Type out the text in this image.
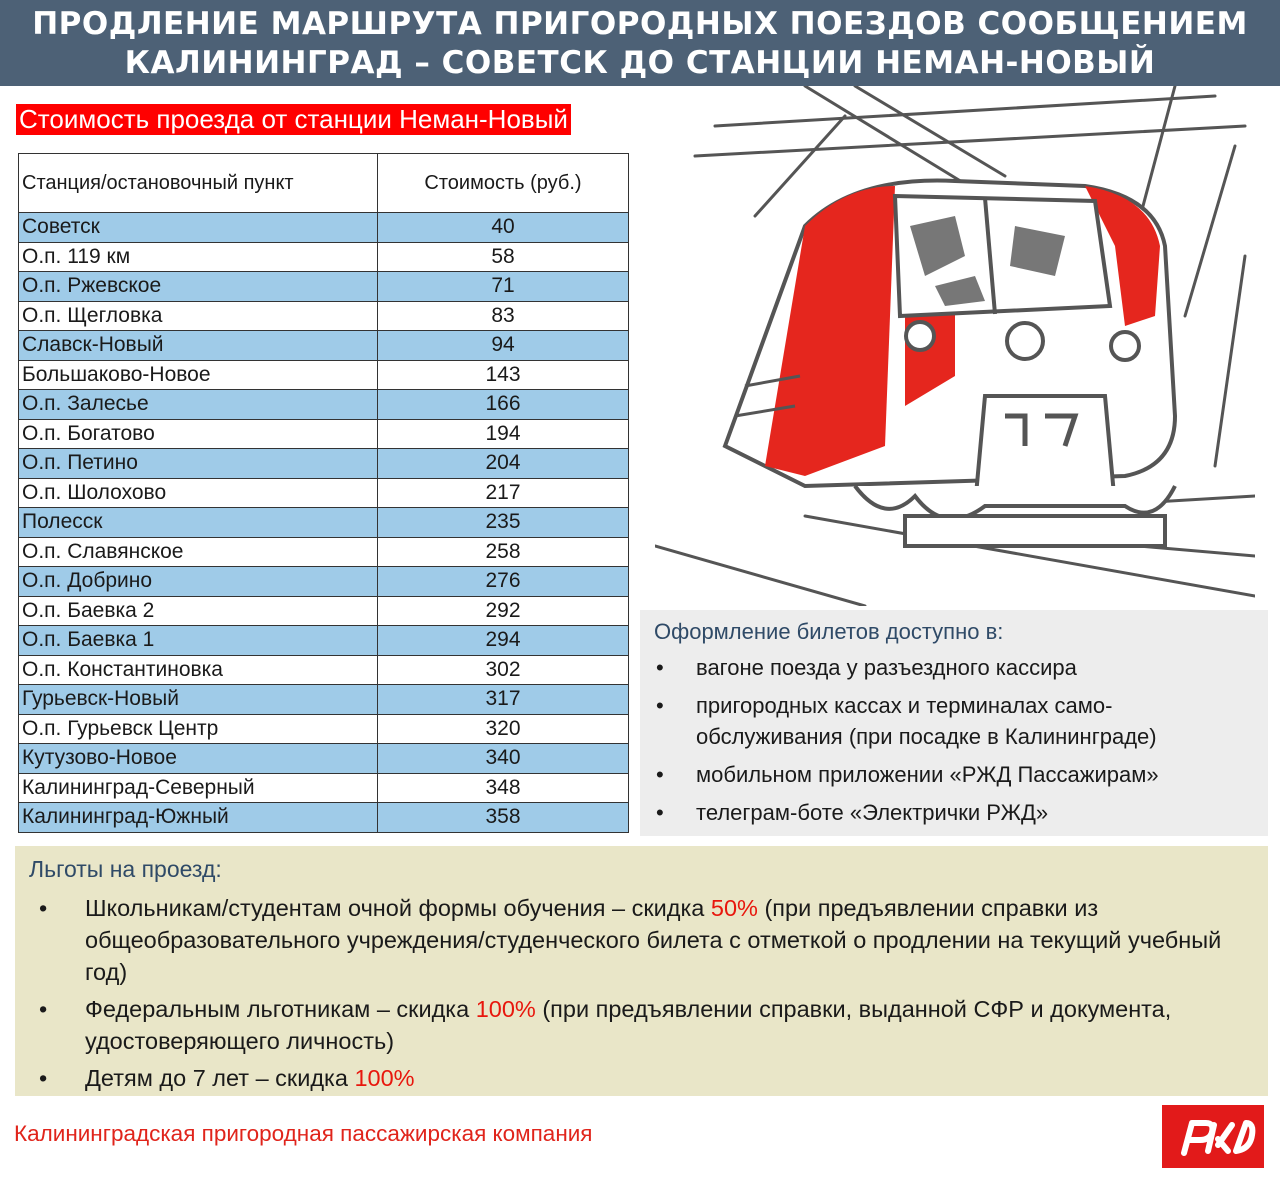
ПРОДЛЕНИЕ МАРШРУТА ПРИГОРОДНЫХ ПОЕЗДОВ СООБЩЕНИЕМ
КАЛИНИНГРАД – СОВЕТСК ДО СТАНЦИИ НЕМАН-НОВЫЙ
Стоимость проезда от станции Неман-Новый
Станция/остановочный пункт	Стоимость (руб.)
Советск	40
О.п. 119 км	58
О.п. Ржевское	71
О.п. Щегловка	83
Славск-Новый	94
Большаково-Новое	143
О.п. Залесье	166
О.п. Богатово	194
О.п. Петино	204
О.п. Шолохово	217
Полесск	235
О.п. Славянское	258
О.п. Добрино	276
О.п. Баевка 2	292
О.п. Баевка 1	294
О.п. Константиновка	302
Гурьевск-Новый	317
О.п. Гурьевск Центр	320
Кутузово-Новое	340
Калининград-Северный	348
Калининград-Южный	358
Оформление билетов доступно в:
• вагоне поезда у разъездного кассира
• пригородных кассах и терминалах само-обслуживания (при посадке в Калининграде)
• мобильном приложении «РЖД Пассажирам»
• телеграм-боте «Электрички РЖД»
Льготы на проезд:
• Школьникам/студентам очной формы обучения – скидка 50% (при предъявлении справки из общеобразовательного учреждения/студенческого билета с отметкой о продлении на текущий учебный год)
• Федеральным льготникам – скидка 100% (при предъявлении справки, выданной СФР и документа, удостоверяющего личность)
• Детям до 7 лет – скидка 100%
Калининградская пригородная пассажирская компания
